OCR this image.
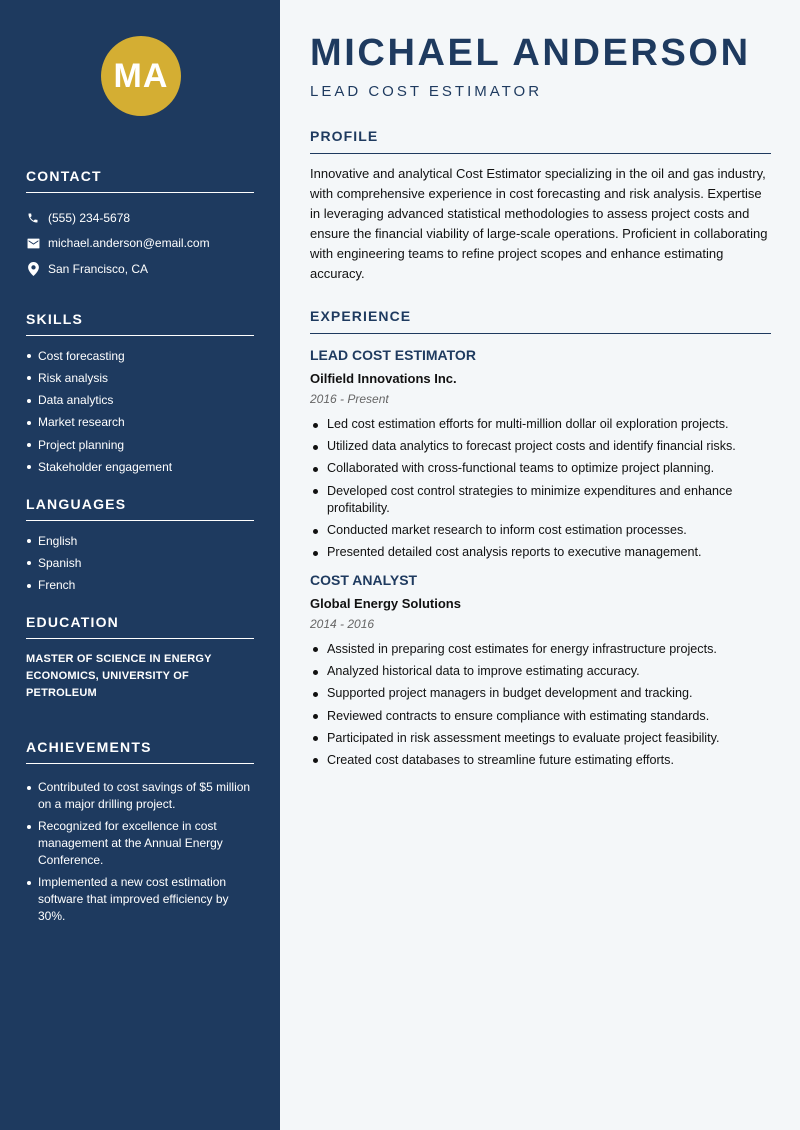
MA
CONTACT
(555) 234-5678
michael.anderson@email.com
San Francisco, CA
SKILLS
Cost forecasting
Risk analysis
Data analytics
Market research
Project planning
Stakeholder engagement
LANGUAGES
English
Spanish
French
EDUCATION
MASTER OF SCIENCE IN ENERGY ECONOMICS, UNIVERSITY OF PETROLEUM
ACHIEVEMENTS
Contributed to cost savings of $5 million on a major drilling project.
Recognized for excellence in cost management at the Annual Energy Conference.
Implemented a new cost estimation software that improved efficiency by 30%.
MICHAEL ANDERSON
LEAD COST ESTIMATOR
PROFILE

Innovative and analytical Cost Estimator specializing in the oil and gas industry, with comprehensive experience in cost forecasting and risk analysis. Expertise in leveraging advanced statistical methodologies to assess project costs and ensure the financial viability of large-scale operations. Proficient in collaborating with engineering teams to refine project scopes and enhance estimating accuracy.

EXPERIENCE
LEAD COST ESTIMATOR
Oilfield Innovations Inc.
2016 - Present
Led cost estimation efforts for multi-million dollar oil exploration projects.
Utilized data analytics to forecast project costs and identify financial risks.
Collaborated with cross-functional teams to optimize project planning.
Developed cost control strategies to minimize expenditures and enhance profitability.
Conducted market research to inform cost estimation processes.
Presented detailed cost analysis reports to executive management.
COST ANALYST
Global Energy Solutions
2014 - 2016
Assisted in preparing cost estimates for energy infrastructure projects.
Analyzed historical data to improve estimating accuracy.
Supported project managers in budget development and tracking.
Reviewed contracts to ensure compliance with estimating standards.
Participated in risk assessment meetings to evaluate project feasibility.
Created cost databases to streamline future estimating efforts.
